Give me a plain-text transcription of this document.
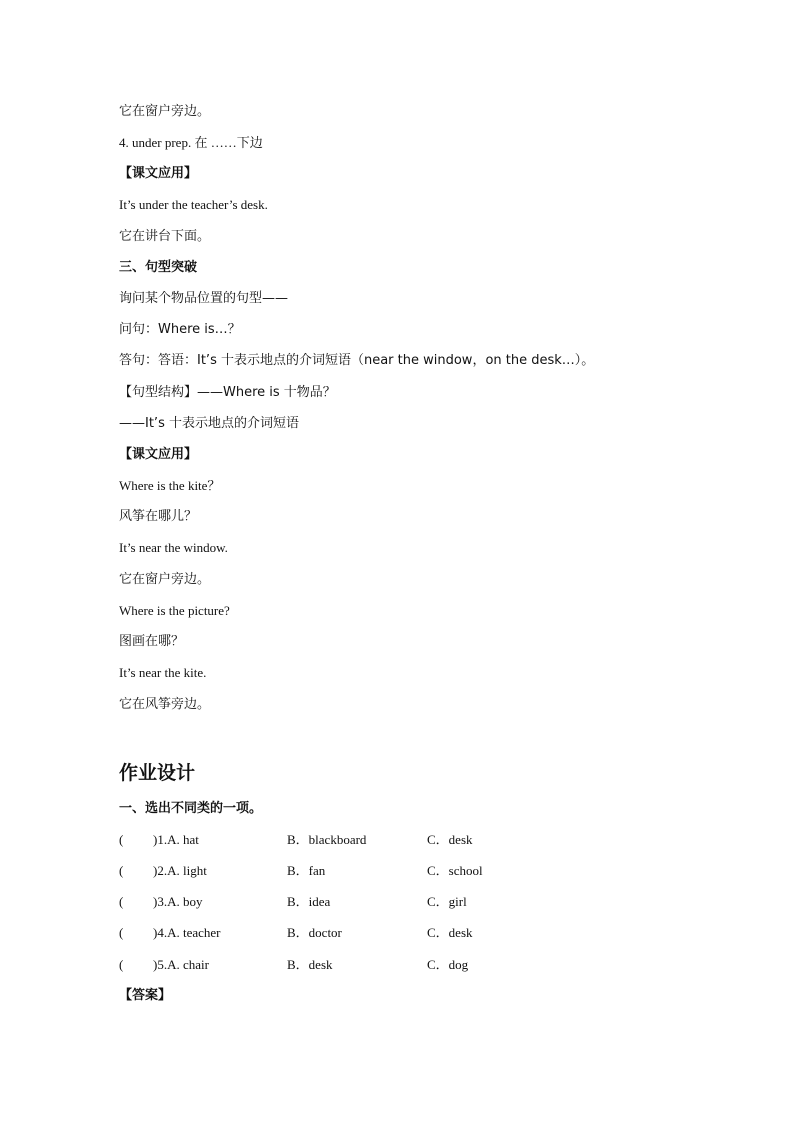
它在窗户旁边。
4. under prep. 在 ……下边
【课文应用】
It’s under the teacher’s desk.
它在讲台下面。
三、句型突破
询问某个物品位置的句型——
问句：Where is…？
答句：答语：It’s 十表示地点的介词短语（near the window，on the desk…）。
【句型结构】——Where is 十物品？
——It’s 十表示地点的介词短语
【课文应用】
Where is the kite？
风筝在哪儿？
It’s near the window.
它在窗户旁边。
Where is the picture?
图画在哪？
It’s near the kite.
它在风筝旁边。
作业设计
一、选出不同类的一项。
( )1.A. hat	B．blackboard	C．desk
( )2.A. light	B．fan	C．school
( )3.A. boy	B．idea	C．girl
( )4.A. teacher	B．doctor	C．desk
( )5.A. chair	B．desk	C．dog
【答案】
